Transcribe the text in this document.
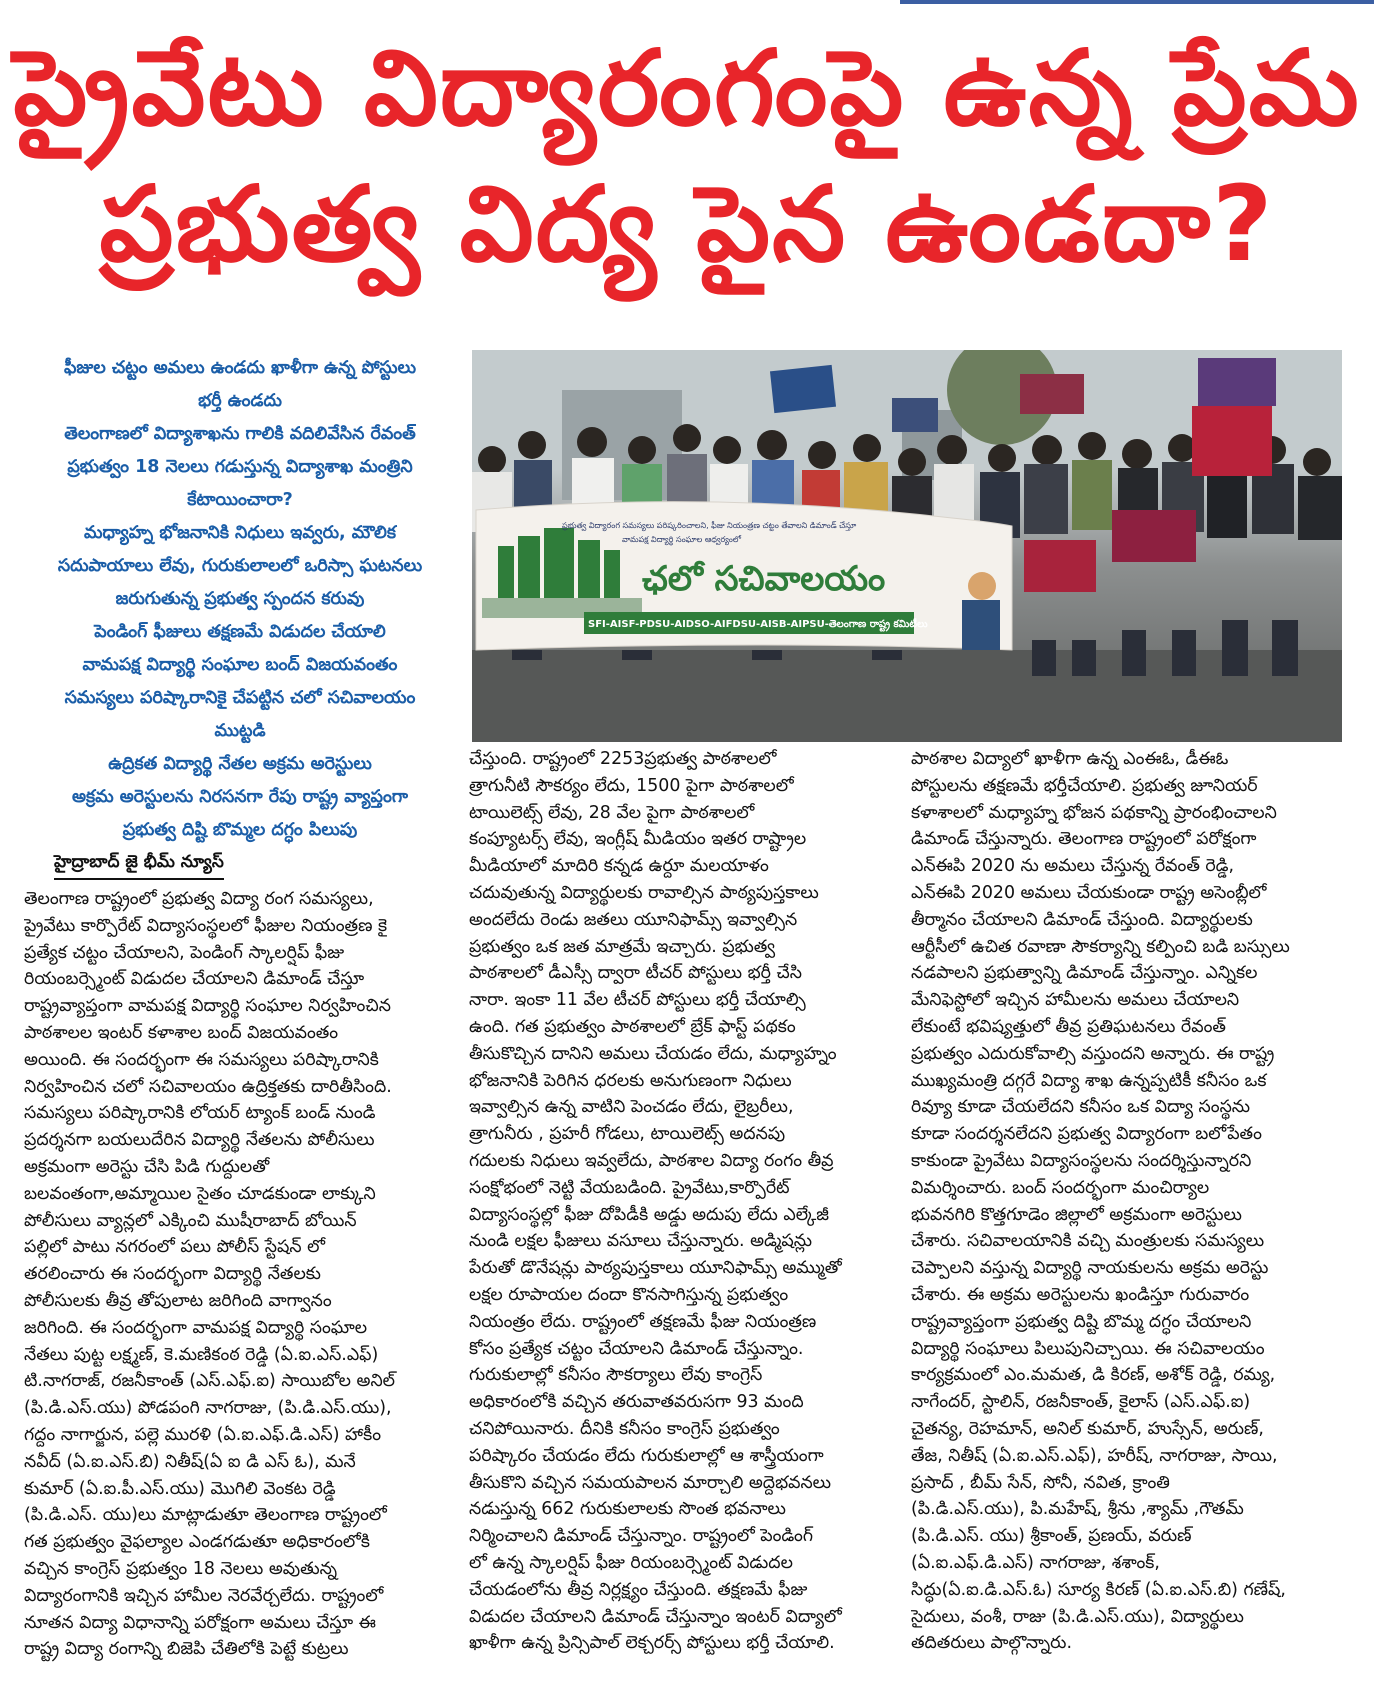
ప్రైవేటు విద్యారంగంపై ఉన్న ప్రేమ
ప్రభుత్వ విద్య పైన ఉండదా?
ఫీజుల చట్టం అమలు ఉండదు ఖాళీగా ఉన్న పోస్టులు
భర్తీ ఉండదు
తెలంగాణలో విద్యాశాఖను గాలికి వదిలివేసిన రేవంత్
ప్రభుత్వం 18 నెలలు గడుస్తున్న విద్యాశాఖ మంత్రిని
కేటాయించారా?
మధ్యాహ్న భోజనానికి నిధులు ఇవ్వరు, మౌలిక
సదుపాయాలు లేవు, గురుకులాలలో ఒరిస్సా ఘటనలు
జరుగుతున్న ప్రభుత్వ స్పందన కరువు
పెండింగ్ ఫీజులు తక్షణమే విడుదల చేయాలి
వామపక్ష విద్యార్థి సంఘాల బంద్ విజయవంతం
సమస్యలు పరిష్కారానికై చేపట్టిన చలో సచివాలయం
ముట్టడి
ఉద్రికత విద్యార్థి నేతల అక్రమ అరెస్టులు
అక్రమ అరెస్టులను నిరసనగా రేపు రాష్ట్ర వ్యాప్తంగా
ప్రభుత్వ దిష్టి బొమ్మల దగ్ధం పిలుపు
హైద్రాబాద్ జై భీమ్ న్యూస్
ప్రభుత్వ విద్యారంగ సమస్యలు పరిష్కరించాలని, ఫీజు నియంత్రణ చట్టం తేవాలని డిమాండ్ చేస్తూ
వామపక్ష విద్యార్థి సంఘాల ఆధ్వర్యంలో
ఛలో సచివాలయం
SFI-AISF-PDSU-AIDSO-AIFDSU-AISB-AIPSU-తెలంగాణ రాష్ట్ర కమిటీలు
తెలంగాణ రాష్ట్రంలో ప్రభుత్వ విద్యా రంగ సమస్యలు,
ప్రైవేటు కార్పొరేట్ విద్యాసంస్థలలో ఫీజుల నియంత్రణ కై
ప్రత్యేక చట్టం చేయాలని, పెండింగ్ స్కాలర్షిప్ ఫీజు
రియంబర్స్మెంట్ విడుదల చేయాలని డిమాండ్ చేస్తూ
రాష్ట్రవ్యాప్తంగా వామపక్ష విద్యార్థి సంఘాల నిర్వహించిన
పాఠశాలల ఇంటర్ కళాశాల బంద్ విజయవంతం
అయింది. ఈ సందర్భంగా ఈ సమస్యలు పరిష్కారానికి
నిర్వహించిన చలో సచివాలయం ఉద్రిక్తతకు దారితీసింది.
సమస్యలు పరిష్కారానికి లోయర్ ట్యాంక్ బండ్ నుండి
ప్రదర్శనగా బయలుదేరిన విద్యార్థి నేతలను పోలీసులు
అక్రమంగా అరెస్టు చేసి పిడి గుద్దులతో
బలవంతంగా,అమ్మాయిల సైతం చూడకుండా లాక్కుని
పోలీసులు వ్యాన్లలో ఎక్కించి ముషీరాబాద్ బోయిన్
పల్లిలో పాటు నగరంలో పలు పోలీస్ స్టేషన్ లో
తరలించారు ఈ సందర్భంగా విద్యార్థి నేతలకు
పోలీసులకు తీవ్ర తోపులాట జరిగింది వాగ్వానం
జరిగింది. ఈ సందర్భంగా వామపక్ష విద్యార్థి సంఘాల
నేతలు పుట్ట లక్ష్మణ్, కె.మణికంఠ రెడ్డి (ఏ.ఐ.ఎస్.ఎఫ్)
టి.నాగరాజ్, రజనీకాంత్ (ఎస్.ఎఫ్.ఐ) సాయిబోల అనిల్
(పి.డి.ఎస్.యు) పోడపంగి నాగరాజు, (పి.డి.ఎస్.యు),
గద్దం నాగార్జున, పల్లె మురళి (ఏ.ఐ.ఎఫ్.డి.ఎస్) హాకీం
నవీద్ (ఏ.ఐ.ఎస్.బి) నితీష్(ఏ ఐ డి ఎస్ ఓ), మనే
కుమార్ (ఏ.ఐ.పీ.ఎస్.యు) మొగిలి వెంకట రెడ్డి
(పి.డి.ఎస్. యు)లు మాట్లాడుతూ తెలంగాణ రాష్ట్రంలో
గత ప్రభుత్వం వైఫల్యాల ఎండగడుతూ అధికారంలోకి
వచ్చిన కాంగ్రెస్ ప్రభుత్వం 18 నెలలు అవుతున్న
విద్యారంగానికి ఇచ్చిన హామీల నెరవేర్చలేదు. రాష్ట్రంలో
నూతన విద్యా విధానాన్ని పరోక్షంగా అమలు చేస్తూ ఈ
రాష్ట్ర విద్యా రంగాన్ని బిజెపి చేతిలోకి పెట్టే కుట్రలు
చేస్తుంది. రాష్ట్రంలో 2253ప్రభుత్వ పాఠశాలలో
త్రాగునీటి సౌకర్యం లేదు, 1500 పైగా పాఠశాలలో
టాయిలెట్స్ లేవు, 28 వేల పైగా పాఠశాలలో
కంప్యూటర్స్ లేవు, ఇంగ్లీష్ మీడియం ఇతర రాష్ట్రాల
మీడియాలో మాదిరి కన్నడ ఉర్దూ మలయాళం
చదువుతున్న విద్యార్థులకు రావాల్సిన పాఠ్యపుస్తకాలు
అందలేదు రెండు జతలు యూనిఫామ్స్ ఇవ్వాల్సిన
ప్రభుత్వం ఒక జత మాత్రమే ఇచ్చారు. ప్రభుత్వ
పాఠశాలలో డీఎస్సీ ద్వారా టీచర్ పోస్టులు భర్తీ చేసి
నారా. ఇంకా 11 వేల టీచర్ పోస్టులు భర్తీ చేయాల్సి
ఉంది. గత ప్రభుత్వం పాఠశాలలో బ్రేక్ ఫాస్ట్ పథకం
తీసుకొచ్చిన దానిని అమలు చేయడం లేదు, మధ్యాహ్నం
భోజనానికి పెరిగిన ధరలకు అనుగుణంగా నిధులు
ఇవ్వాల్సిన ఉన్న వాటిని పెంచడం లేదు, లైబ్రరీలు,
త్రాగునీరు , ప్రహరీ గోడలు, టాయిలెట్స్ అదనపు
గదులకు నిధులు ఇవ్వలేదు, పాఠశాల విద్యా రంగం తీవ్ర
సంక్షోభంలో నెట్టి వేయబడింది. ప్రైవేటు,కార్పొరేట్
విద్యాసంస్థల్లో ఫీజు దోపిడీకి అడ్డు అదుపు లేదు ఎల్కేజీ
నుండి లక్షల ఫీజులు వసూలు చేస్తున్నారు. అడ్మిషన్లు
పేరుతో డొనేషన్లు పాఠ్యపుస్తకాలు యూనిఫామ్స్ అమ్ముతో
లక్షల రూపాయల దందా కొనసాగిస్తున్న ప్రభుత్వం
నియంత్రం లేదు. రాష్ట్రంలో తక్షణమే ఫీజు నియంత్రణ
కోసం ప్రత్యేక చట్టం చేయాలని డిమాండ్ చేస్తున్నాం.
గురుకులాల్లో కనీసం సౌకర్యాలు లేవు కాంగ్రెస్
అధికారంలోకి వచ్చిన తరువాతవరుసగా 93 మంది
చనిపోయినారు. దీనికి కనీసం కాంగ్రెస్ ప్రభుత్వం
పరిష్కారం చేయడం లేదు గురుకులాల్లో ఆ శాస్త్రీయంగా
తీసుకొని వచ్చిన సమయపాలన మార్చాలి అద్దెభవనలు
నడుస్తున్న 662 గురుకులాలకు సొంత భవనాలు
నిర్మించాలని డిమాండ్ చేస్తున్నాం. రాష్ట్రంలో పెండింగ్
లో ఉన్న స్కాలర్షిప్ ఫీజు రియంబర్స్మెంట్ విడుదల
చేయడంలోను తీవ్ర నిర్లక్ష్యం చేస్తుంది. తక్షణమే ఫీజు
విడుదల చేయాలని డిమాండ్ చేస్తున్నాం ఇంటర్ విద్యాలో
ఖాళీగా ఉన్న ప్రిన్సిపాల్ లెక్చరర్స్ పోస్టులు భర్తీ చేయాలి.
పాఠశాల విద్యాలో ఖాళీగా ఉన్న ఎంఈఓ, డీఈఓ
పోస్టులను తక్షణమే భర్తీచేయాలి. ప్రభుత్వ జూనియర్
కళాశాలలో మధ్యాహ్న భోజన పథకాన్ని ప్రారంభించాలని
డిమాండ్ చేస్తున్నారు. తెలంగాణ రాష్ట్రంలో పరోక్షంగా
ఎన్ఈపి 2020 ను అమలు చేస్తున్న రేవంత్ రెడ్డి,
ఎన్ఈపి 2020 అమలు చేయకుండా రాష్ట్ర అసెంబ్లీలో
తీర్మానం చేయాలని డిమాండ్ చేస్తుంది. విద్యార్థులకు
ఆర్టీసీలో ఉచిత రవాణా సౌకర్యాన్ని కల్పించి బడి బస్సులు
నడపాలని ప్రభుత్వాన్ని డిమాండ్ చేస్తున్నాం. ఎన్నికల
మేనిఫెస్టోలో ఇచ్చిన హామీలను అమలు చేయాలని
లేకుంటే భవిష్యత్తులో తీవ్ర ప్రతిఘటనలు రేవంత్
ప్రభుత్వం ఎదురుకోవాల్సి వస్తుందని అన్నారు. ఈ రాష్ట్ర
ముఖ్యమంత్రి దగ్గరే విద్యా శాఖ ఉన్నప్పటికీ కనీసం ఒక
రివ్యూ కూడా చేయలేదని కనీసం ఒక విద్యా సంస్థను
కూడా సందర్శనలేదని ప్రభుత్వ విద్యారంగా బలోపేతం
కాకుండా ప్రైవేటు విద్యాసంస్థలను సందర్శిస్తున్నారని
విమర్శించారు. బంద్ సందర్భంగా మంచిర్యాల
భువనగిరి కొత్తగూడెం జిల్లాలో అక్రమంగా అరెస్టులు
చేశారు. సచివాలయానికి వచ్చి మంత్రులకు సమస్యలు
చెప్పాలని వస్తున్న విద్యార్థి నాయకులను అక్రమ అరెస్టు
చేశారు. ఈ అక్రమ అరెస్టులను ఖండిస్తూ గురువారం
రాష్ట్రవ్యాప్తంగా ప్రభుత్వ దిష్టి బొమ్మ దగ్ధం చేయాలని
విద్యార్థి సంఘాలు పిలుపునిచ్చాయి. ఈ సచివాలయం
కార్యక్రమంలో ఎం.మమత, డి కిరణ్, అశోక్ రెడ్డి, రమ్య,
నాగేందర్, స్టాలిన్, రజనీకాంత్, కైలాస్ (ఎస్.ఎఫ్.ఐ)
చైతన్య, రెహమాన్, అనిల్ కుమార్, హుస్సేన్, అరుణ్,
తేజ, నితీష్ (ఏ.ఐ.ఎస్.ఎఫ్), హరీష్, నాగరాజు, సాయి,
ప్రసాద్ , బీమ్ సేన్, సోనీ, నవిత, క్రాంతి
(పి.డి.ఎస్.యు), పి.మహేష్, శ్రీను ,శ్యామ్ ,గౌతమ్
(పి.డి.ఎస్. యు) శ్రీకాంత్, ప్రణయ్, వరుణ్
(ఏ.ఐ.ఎఫ్.డి.ఎస్) నాగరాజు, శశాంక్,
సిద్ధు(ఏ.ఐ.డి.ఎస్.ఓ) సూర్య కిరణ్ (ఏ.ఐ.ఎస్.బి) గణేష్,
సైదులు, వంశీ, రాజు (పి.డి.ఎస్.యు), విద్యార్థులు
తదితరులు పాల్గొన్నారు.
